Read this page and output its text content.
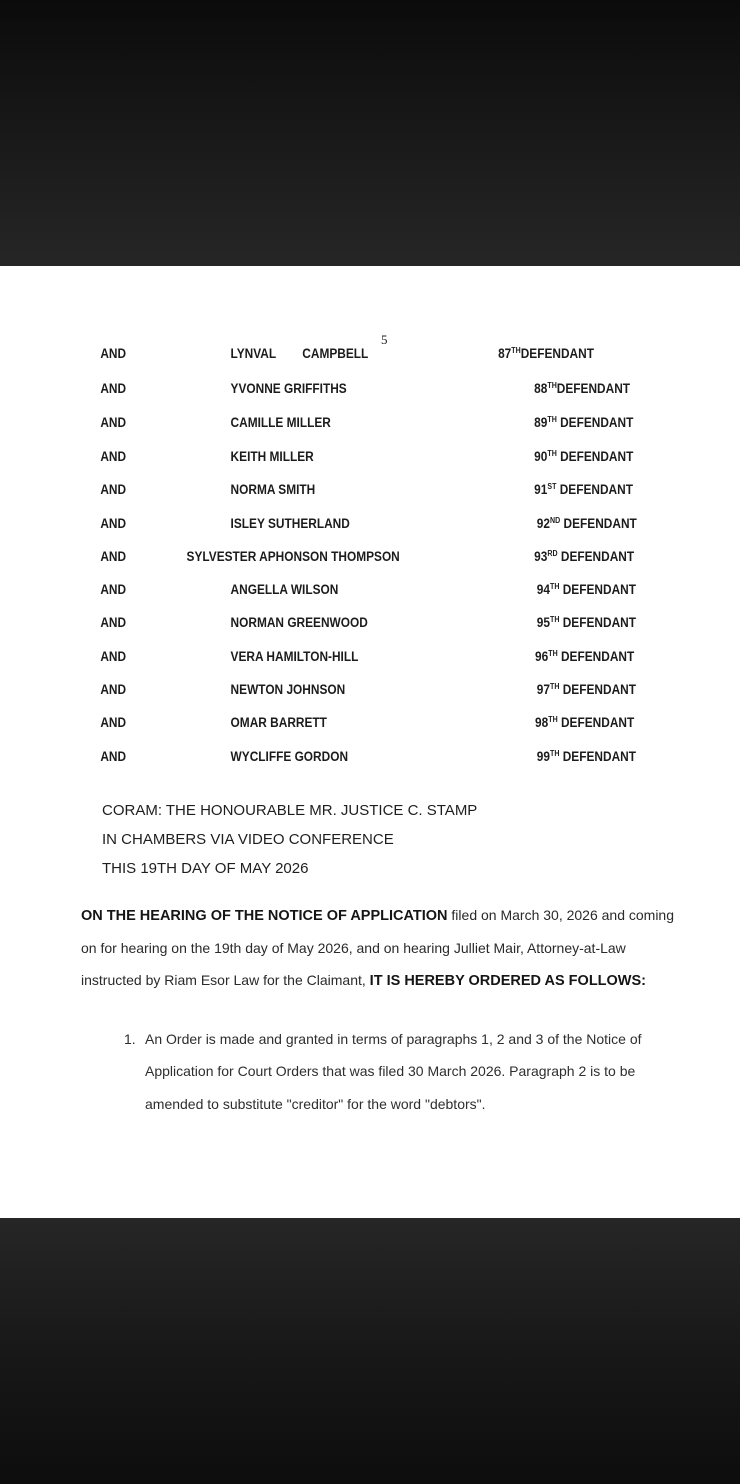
5
AND	LYNVAL        CAMPBELL	87THDEFENDANT
AND	YVONNE GRIFFITHS	88THDEFENDANT
AND	CAMILLE MILLER	89TH DEFENDANT
AND	KEITH MILLER	90TH DEFENDANT
AND	NORMA SMITH	91ST DEFENDANT
AND	ISLEY SUTHERLAND	92ND DEFENDANT
AND	SYLVESTER APHONSON THOMPSON	93RD DEFENDANT
AND	ANGELLA WILSON	94TH DEFENDANT
AND	NORMAN GREENWOOD	95TH DEFENDANT
AND	VERA HAMILTON-HILL	96TH DEFENDANT
AND	NEWTON JOHNSON	97TH DEFENDANT
AND	OMAR BARRETT	98TH DEFENDANT
AND	WYCLIFFE GORDON	99TH DEFENDANT
CORAM: THE HONOURABLE MR. JUSTICE C. STAMP
IN CHAMBERS VIA VIDEO CONFERENCE
THIS 19TH DAY OF MAY 2026
ON THE HEARING OF THE NOTICE OF APPLICATION filed on March 30, 2026 and coming
on for hearing on the 19th day of May 2026, and on hearing Julliet Mair, Attorney-at-Law
instructed by Riam Esor Law for the Claimant, IT IS HEREBY ORDERED AS FOLLOWS:
1. An Order is made and granted in terms of paragraphs 1, 2 and 3 of the Notice of
Application for Court Orders that was filed 30 March 2026. Paragraph 2 is to be
amended to substitute "creditor" for the word "debtors".
